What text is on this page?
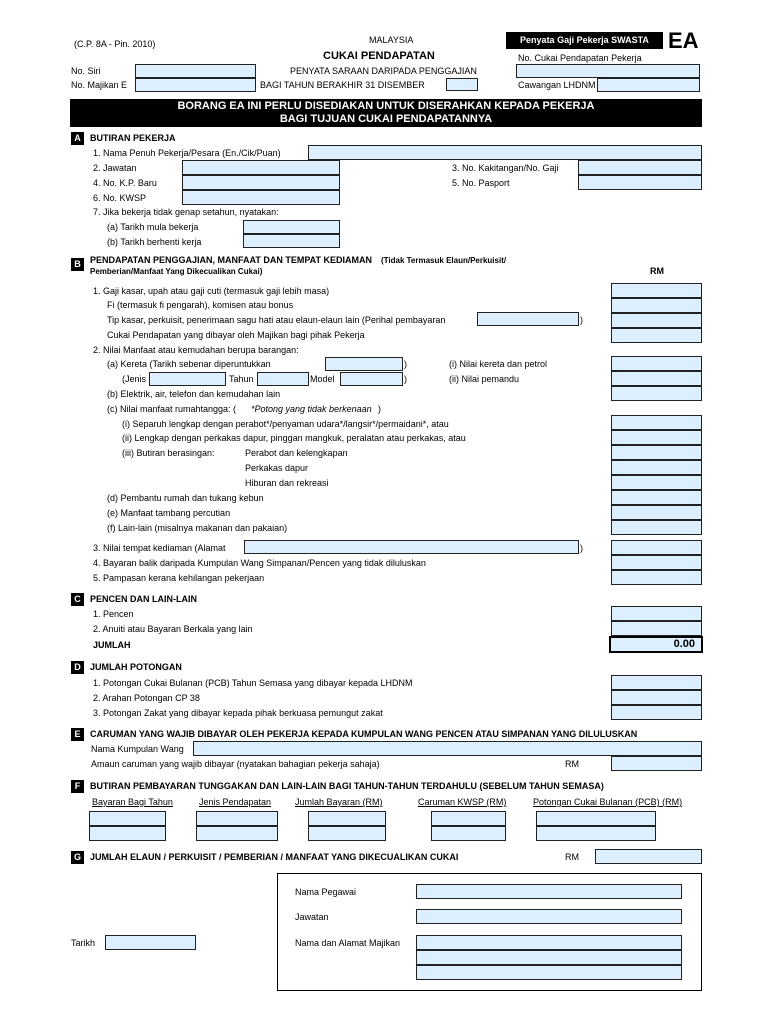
(C.P. 8A - Pin. 2010)	MALAYSIA
CUKAI PENDAPATAN
PENYATA SARAAN DARIPADA PENGGAJIAN
BAGI TAHUN BERAKHIR 31 DISEMBER
Penyata Gaji Pekerja SWASTA EA
No. Cukai Pendapatan Pekerja
Cawangan LHDNM
No. Siri
No. Majikan E
BORANG EA INI PERLU DISEDIAKAN UNTUK DISERAHKAN KEPADA PEKERJA
BAGI TUJUAN CUKAI PENDAPATANNYA
A	BUTIRAN PEKERJA
1. Nama Penuh Pekerja/Pesara (En./Cik/Puan)
2. Jawatan	3. No. Kakitangan/No. Gaji
4. No. K.P. Baru	5. No. Pasport
6. No. KWSP
7. Jika bekerja tidak genap setahun, nyatakan:
(a) Tarikh mula bekerja
(b) Tarikh berhenti kerja
B	PENDAPATAN PENGGAJIAN, MANFAAT DAN TEMPAT KEDIAMAN (Tidak Termasuk Elaun/Perkuisit/
Pemberian/Manfaat Yang Dikecualikan Cukai)	RM
1. Gaji kasar, upah atau gaji cuti (termasuk gaji lebih masa)
Fi (termasuk fi pengarah), komisen atau bonus
Tip kasar, perkuisit, penerimaan sagu hati atau elaun-elaun lain (Perihal pembayaran	)
Cukai Pendapatan yang dibayar oleh Majikan bagi pihak Pekerja
2. Nilai Manfaat atau kemudahan berupa barangan:
(a) Kereta (Tarikh sebenar diperuntukkan	)
(Jenis	Tahun	Model	)
(i) Nilai kereta dan petrol
(ii) Nilai pemandu
(b) Elektrik, air, telefon dan kemudahan lain
(c) Nilai manfaat rumahtangga: ( *Potong yang tidak berkenaan )
(i) Separuh lengkap dengan perabot*/penyaman udara*/langsir*/permaidani*, atau
(ii) Lengkap dengan perkakas dapur, pinggan mangkuk, peralatan atau perkakas, atau
(iii) Butiran berasingan:	Perabot dan kelengkapan
Perkakas dapur
Hiburan dan rekreasi
(d) Pembantu rumah dan tukang kebun
(e) Manfaat tambang percutian
(f) Lain-lain (misalnya makanan dan pakaian)
3. Nilai tempat kediaman (Alamat	)
4. Bayaran balik daripada Kumpulan Wang Simpanan/Pencen yang tidak diluluskan
5. Pampasan kerana kehilangan pekerjaan
C	PENCEN DAN LAIN-LAIN
1. Pencen
2. Anuiti atau Bayaran Berkala yang lain
JUMLAH	0.00
D	JUMLAH POTONGAN
1. Potongan Cukai Bulanan (PCB) Tahun Semasa yang dibayar kepada LHDNM
2. Arahan Potongan CP 38
3. Potongan Zakat yang dibayar kepada pihak berkuasa pemungut zakat
E	CARUMAN YANG WAJIB DIBAYAR OLEH PEKERJA KEPADA KUMPULAN WANG PENCEN ATAU SIMPANAN YANG DILULUSKAN
Nama Kumpulan Wang
Amaun caruman yang wajib dibayar (nyatakan bahagian pekerja sahaja)	RM
F	BUTIRAN PEMBAYARAN TUNGGAKAN DAN LAIN-LAIN BAGI TAHUN-TAHUN TERDAHULU (SEBELUM TAHUN SEMASA)
Bayaran Bagi Tahun	Jenis Pendapatan	Jumlah Bayaran (RM)	Caruman KWSP (RM)	Potongan Cukai Bulanan (PCB) (RM)
G	JUMLAH ELAUN / PERKUISIT / PEMBERIAN / MANFAAT YANG DIKECUALIKAN CUKAI	RM
Tarikh
Nama Pegawai
Jawatan
Nama dan Alamat Majikan
